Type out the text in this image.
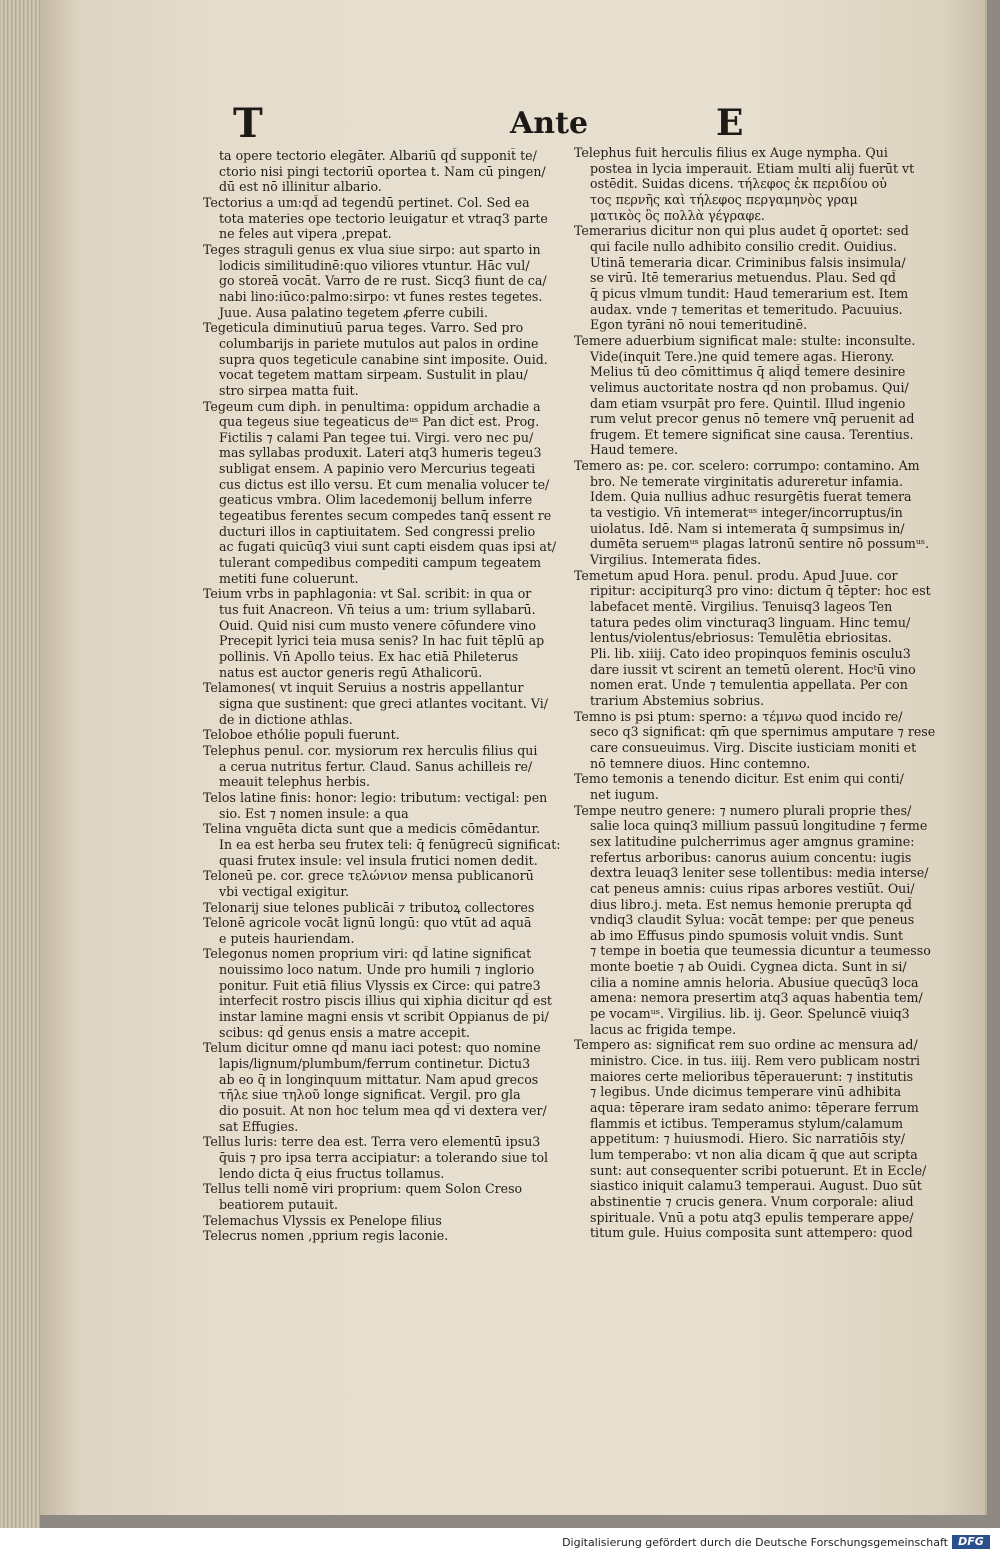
T	Ante	E
ta opere tectorio elegāter. Albariū qd̄ supponit̄ te/
ctorio nisi pingi tectoriū oportea t. Nam cū pingen/
dū est nō illinitur albario.
Tectorius a um:qd̄ ad tegendū pertinet. Col. Sed ea
tota materies ope tectorio leuigatur et vtraq3 parte
ne feles aut vipera ,prepat.
Teges straguli genus ex vlua siue sirpo: aut sparto in
lodicis similitudinē:quo viliores vtuntur. Hāc vul/
go storeā vocāt. Varro de re rust. Sicq3 fiunt de ca/
nabi lino:iūco:palmo:sirpo: vt funes restes tegetes.
Juue. Ausa palatino tegetem ꝓferre cubili.
Tegeticula diminutiuū parua teges. Varro. Sed pro
columbarijs in pariete mutulos aut palos in ordine
supra quos tegeticule canabine sint imposite. Ouid.
vocat tegetem mattam sirpeam. Sustulit in plau/
stro sirpea matta fuit.
Tegeum cum diph. in penultima: oppidum archadie a
qua tegeus siue tegeaticus deᵘˢ Pan dict̄ est. Prog.
Fictilis ⁊ calami Pan tegee tui. Virgi. vero nec pu/
mas syllabas produxit. Lateri atq3 humeris tegeu3
subligat ensem. A papinio vero Mercurius tegeati
cus dictus est illo versu. Et cum menalia volucer te/
geaticus vmbra. Olim lacedemonij bellum inferre
tegeatibus ferentes secum compedes tanq̄ essent re
ducturi illos in captiuitatem. Sed congressi prelio
ac fugati quicūq3 viui sunt capti eisdem quas ipsi at/
tulerant compedibus compediti campum tegeatem
metiti fune coluerunt.
Teium vrbs in paphlagonia: vt Sal. scribit: in qua or
tus fuit Anacreon. Vn̄ teius a um: trium syllabarū.
Ouid. Quid nisi cum musto venere cōfundere vino
Precepit lyrici teia musa senis? In hac fuit tēplū ap
pollinis. Vn̄ Apollo teius. Ex hac etiā Phileterus
natus est auctor generis regū Athalicorū.
Telamones( vt inquit Seruius a nostris appellantur
signa que sustinent: que greci atlantes vocitant. Vi/
de in dictione athlas.
Teloboe ethólie populi fuerunt.
Telephus penul. cor. mysiorum rex herculis filius qui
a cerua nutritus fertur. Claud. Sanus achilleis re/
meauit telephus herbis.
Telos latine finis: honor: legio: tributum: vectigal: pen
sio. Est ⁊ nomen insule: a qua
Telina vnguēta dicta sunt que a medicis cōmēdantur.
In ea est herba seu frutex teli: q̄ fenūgrecū significat:
quasi frutex insule: vel insula frutici nomen dedit.
Teloneū pe. cor. grece τελώνιον mensa publicanorū
vbi vectigal exigitur.
Telonarij siue telones publicāi ⁊ tributoꝝ collectores
Telonē agricole vocāt lignū longū: quo vtūt ad aquā
e puteis hauriendam.
Telegonus nomen proprium viri: qd̄ latine significat
nouissimo loco natum. Unde pro humili ⁊ inglorio
ponitur. Fuit etiā filius Vlyssis ex Circe: qui patre3
interfecit rostro piscis illius qui xiphia dicitur qd̄ est
instar lamine magni ensis vt scribit Oppianus de pi/
scibus: qd̄ genus ensis a matre accepit.
Telum dicitur omne qd̄ manu iaci potest: quo nomine
lapis/lignum/plumbum/ferrum continetur. Dictu3
ab eo q̄ in longinquum mittatur. Nam apud grecos
τῆλε siue τηλοῦ longe significat. Vergil. pro gla
dio posuit. At non hoc telum mea qd̄ vi dextera ver/
sat Effugies.
Tellus luris: terre dea est. Terra vero elementū ipsu3
q̄uis ⁊ pro ipsa terra accipiatur: a tolerando siue tol
lendo dicta q̄ eius fructus tollamus.
Tellus telli nomē viri proprium: quem Solon Creso
beatiorem putauit.
Telemachus Vlyssis ex Penelope filius
Telecrus nomen ,pprium regis laconie.
Telephus fuit herculis filius ex Auge nympha. Qui
postea in lycia imperauit. Etiam multi alij fuerūt vt
ostēdit. Suidas dicens. τήλεφος ἐκ περιδίου οὐ
τος περνῆς καὶ τήλεφος περγαμηνὸς γραμ
ματικὸς ὃς πολλὰ γέγραφε.
Temerarius dicitur non qui plus audet q̄ oportet: sed
qui facile nullo adhibito consilio credit. Ouidius.
Utinā temeraria dicar. Criminibus falsis insimula/
se virū. Itē temerarius metuendus. Plau. Sed qd̄
q̄ picus vlmum tundit: Haud temerarium est. Item
audax. vnde ⁊ temeritas et temeritudo. Pacuuius.
Egon tyrāni nō noui temeritudinē.
Temere aduerbium significat male: stulte: inconsulte.
Vide(inquit Tere.)ne quid temere agas. Hierony.
Melius tū deo cōmittimus q̄ aliqd̄ temere desinire
velimus auctoritate nostra qd̄ non probamus. Qui/
dam etiam vsurpāt pro fere. Quintil. Illud ingenio
rum velut precor genus nō temere vnq̄ peruenit ad
frugem. Et temere significat sine causa. Terentius.
Haud temere.
Temero as: pe. cor. scelero: corrumpo: contamino. Am
bro. Ne temerate virginitatis adureretur infamia.
Idem. Quia nullius adhuc resurgētis fuerat temera
ta vestigio. Vn̄ intemeratᵘˢ integer/incorruptus/in
uiolatus. Idē. Nam si intemerata q̄ sumpsimus in/
dumēta seruemᵘˢ plagas latronū sentire nō possumᵘˢ.
Virgilius. Intemerata fides.
Temetum apud Hora. penul. produ. Apud Juue. cor
ripitur: accipiturq3 pro vino: dictum q̄ tēpter: hoc est
labefacet mentē. Virgilius. Tenuisq3 lageos Ten
tatura pedes olim vincturaq3 linguam. Hinc temu/
lentus/violentus/ebriosus: Temulētia ebriositas.
Pli. lib. xiiij. Cato ideo propinquos feminis osculu3
dare iussit vt scirent an temetū olerent. Hocᵗū vino
nomen erat. Unde ⁊ temulentia appellata. Per con
trarium Abstemius sobrius.
Temno is psi ptum: sperno: a τέμνω quod incido re/
seco q3 significat: qm̄ que spernimus amputare ⁊ rese
care consueuimus. Virg. Discite iusticiam moniti et
nō temnere diuos. Hinc contemno.
Temo temonis a tenendo dicitur. Est enim qui conti/
net iugum.
Tempe neutro genere: ⁊ numero plurali proprie thes/
salie loca quinq3 millium passuū longitudine ⁊ ferme
sex latitudine pulcherrimus ager amgnus gramine:
refertus arboribus: canorus auium concentu: iugis
dextra leuaq3 leniter sese tollentibus: media interse/
cat peneus amnis: cuius ripas arbores vestiūt. Oui/
dius libro.j. meta. Est nemus hemonie prerupta qd̄
vndiq3 claudit Sylua: vocāt tempe: per que peneus
ab imo Effusus pindo spumosis voluit vndis. Sunt
⁊ tempe in boetia que teumessia dicuntur a teumesso
monte boetie ⁊ ab Ouidi. Cygnea dicta. Sunt in si/
cilia a nomine amnis heloria. Abusiue quecūq3 loca
amena: nemora presertim atq3 aquas habentia tem/
pe vocamᵘˢ. Virgilius. lib. ij. Geor. Speluncē viuiq3
lacus ac frigida tempe.
Tempero as: significat rem suo ordine ac mensura ad/
ministro. Cice. in tus. iiij. Rem vero publicam nostri
maiores certe melioribus tēperauerunt: ⁊ institutis
⁊ legibus. Unde dicimus temperare vinū adhibita
aqua: tēperare iram sedato animo: tēperare ferrum
flammis et ictibus. Temperamus stylum/calamum
appetitum: ⁊ huiusmodi. Hiero. Sic narratiōis sty/
lum temperabo: vt non alia dicam q̄ que aut scripta
sunt: aut consequenter scribi potuerunt. Et in Eccle/
siastico iniquit calamu3 temperaui. August. Duo sūt
abstinentie ⁊ crucis genera. Vnum corporale: aliud
spirituale. Vnū a potu atq3 epulis temperare appe/
titum gule. Huius composita sunt attempero: quod
Digitalisierung gefördert durch die Deutsche Forschungsgemeinschaft DFG
